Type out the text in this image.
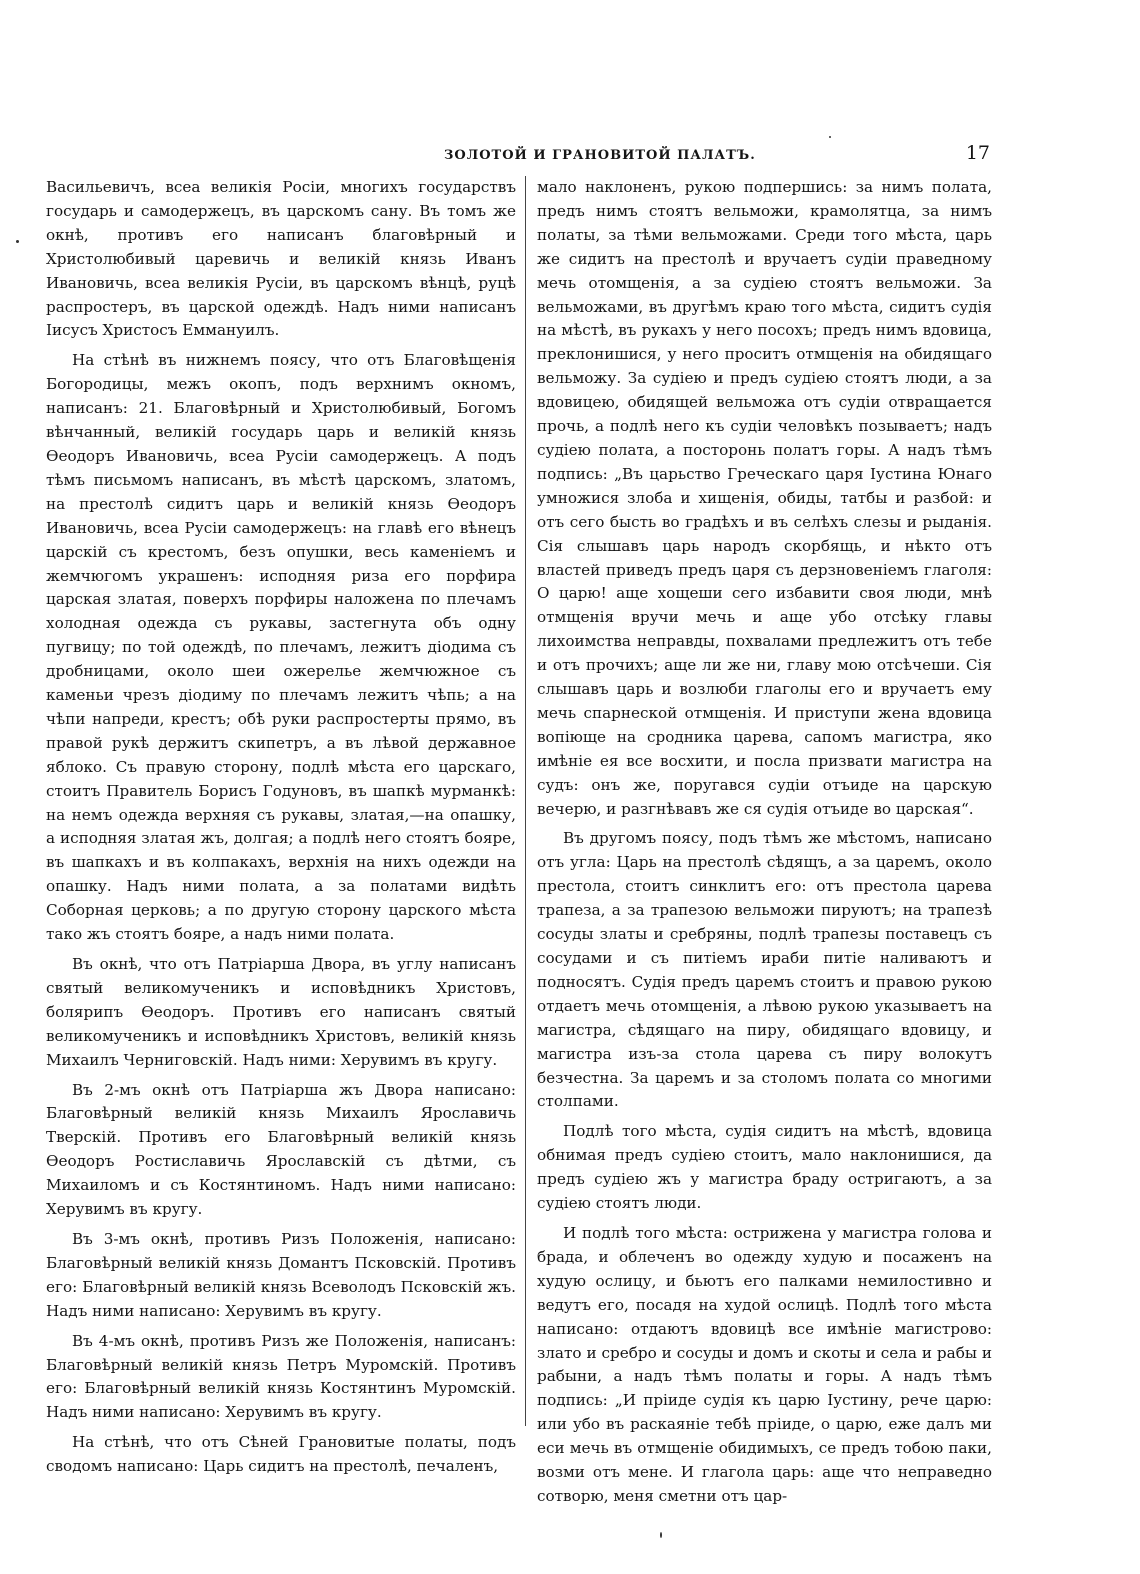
ЗОЛОТОЙ И ГРАНОВИТОЙ ПАЛАТЪ.	17

Васильевичъ, всеа великія Росіи, многихъ государствъ государь и самодержецъ, въ царскомъ сану. Въ томъ же окнѣ, противъ его написанъ благовѣрный и Христолюбивый царевичь и великій князь Иванъ Ивановичь, всеа великія Русіи, въ царскомъ вѣнцѣ, руцѣ распростеръ, въ царской одеждѣ. Надъ ними написанъ Іисусъ Христосъ Еммануилъ.

На стѣнѣ въ нижнемъ поясу, что отъ Благовѣщенія Богородицы, межъ окопъ, подъ верхнимъ окномъ, написанъ: 21. Благовѣрный и Христолюбивый, Богомъ вѣнчанный, великій государь царь и великій князь Ѳеодоръ Ивановичь, всеа Русіи самодержецъ. А подъ тѣмъ письмомъ написанъ, въ мѣстѣ царскомъ, златомъ, на престолѣ сидитъ царь и великій князь Ѳеодоръ Ивановичь, всеа Русіи самодержецъ: на главѣ его вѣнецъ царскій съ крестомъ, безъ опушки, весь каменіемъ и жемчюгомъ украшенъ: исподняя риза его порфира царская златая, поверхъ порфиры наложена по плечамъ холодная одежда съ рукавы, застегнута объ одну пугвицу; по той одеждѣ, по плечамъ, лежитъ діодима съ дробницами, около шеи ожерелье жемчюжное съ каменьи чрезъ діодиму по плечамъ лежитъ чѣпь; а на чѣпи напреди, крестъ; обѣ руки распростерты прямо, въ правой рукѣ держитъ скипетръ, а въ лѣвой державное яблоко. Съ правую сторону, подлѣ мѣста его царскаго, стоитъ Правитель Борисъ Годуновъ, въ шапкѣ мурманкѣ: на немъ одежда верхняя съ рукавы, златая,—на опашку, а исподняя златая жъ, долгая; а подлѣ него стоятъ бояре, въ шапкахъ и въ колпакахъ, верхнія на нихъ одежди на опашку. Надъ ними полата, а за полатами видѣть Соборная церковь; а по другую сторону царского мѣста тако жъ стоятъ бояре, а надъ ними полата.

Въ окнѣ, что отъ Патріарша Двора, въ углу написанъ святый великомученикъ и исповѣдникъ Христовъ, болярипъ Ѳеодоръ. Противъ его написанъ святый великомученикъ и исповѣдникъ Христовъ, великій князь Михаилъ Черниговскій. Надъ ними: Херувимъ въ кругу.

Въ 2-мъ окнѣ отъ Патріарша жъ Двора написано: Благовѣрный великій князь Михаилъ Ярославичь Тверскій. Противъ его Благовѣрный великій князь Ѳеодоръ Ростиславичь Ярославскій съ дѣтми, съ Михаиломъ и съ Костянтиномъ. Надъ ними написано: Херувимъ въ кругу.

Въ 3-мъ окнѣ, противъ Ризъ Положенія, написано: Благовѣрный великій князь Домантъ Псковскій. Противъ его: Благовѣрный великій князь Всеволодъ Псковскій жъ. Надъ ними написано: Херувимъ въ кругу.

Въ 4-мъ окнѣ, противъ Ризъ же Положенія, написанъ: Благовѣрный великій князь Петръ Муромскій. Противъ его: Благовѣрный великій князь Костянтинъ Муромскій. Надъ ними написано: Херувимъ въ кругу.

На стѣнѣ, что отъ Сѣней Грановитые полаты, подъ сводомъ написано: Царь сидитъ на престолѣ, печаленъ,

мало наклоненъ, рукою подпершись: за нимъ полата, предъ нимъ стоятъ вельможи, крамолятца, за нимъ полаты, за тѣми вельможами. Среди того мѣста, царь же сидитъ на престолѣ и вручаетъ судіи праведному мечь отомщенія, а за судіею стоятъ вельможи. За вельможами, въ другѣмъ краю того мѣста, сидитъ судія на мѣстѣ, въ рукахъ у него посохъ; предъ нимъ вдовица, преклонишися, у него проситъ отмщенія на обидящаго вельможу. За судіею и предъ судіею стоятъ люди, а за вдовицею, обидящей вельможа отъ судіи отвращается прочь, а подлѣ него къ судіи человѣкъ позываетъ; надъ судіею полата, а посторонь полатъ горы. А надъ тѣмъ подпись: „Въ царьство Греческаго царя Іустина Юнаго умножися злоба и хищенія, обиды, татбы и разбой: и отъ сего бысть во градѣхъ и въ селѣхъ слезы и рыданія. Сія слышавъ царь народъ скорбящь, и нѣкто отъ властей приведъ предъ царя съ дерзновеніемъ глаголя: О царю! аще хощеши сего избавити своя люди, мнѣ отмщенія вручи мечь и аще убо отсѣку главы лихоимства неправды, похвалами предлежитъ отъ тебе и отъ прочихъ; аще ли же ни, главу мою отсѣчеши. Сія слышавъ царь и возлюби глаголы его и вручаетъ ему мечь спарнеской отмщенія. И приступи жена вдовица вопіюще на сродника царева, сапомъ магистра, яко имѣніе ея все восхити, и посла призвати магистра на судъ: онъ же, поругався судіи отъиде на царскую вечерю, и разгнѣвавъ же ся судія отъиде во царская“.

Въ другомъ поясу, подъ тѣмъ же мѣстомъ, написано отъ угла: Царь на престолѣ сѣдящъ, а за царемъ, около престола, стоитъ синклитъ его: отъ престола царева трапеза, а за трапезою вельможи пируютъ; на трапезѣ сосуды златы и сребряны, подлѣ трапезы поставецъ съ сосудами и съ питіемъ ираби питіе наливаютъ и подносятъ. Судія предъ царемъ стоитъ и правою рукою отдаетъ мечь отомщенія, а лѣвою рукою указываетъ на магистра, сѣдящаго на пиру, обидящаго вдовицу, и магистра изъ-за стола царева съ пиру волокутъ безчестна. За царемъ и за столомъ полата со многими столпами.

Подлѣ того мѣста, судія сидитъ на мѣстѣ, вдовица обнимая предъ судіею стоитъ, мало наклонишися, да предъ судіею жъ у магистра браду остригаютъ, а за судіею стоятъ люди.

И подлѣ того мѣста: острижена у магистра голова и брада, и облеченъ во одежду худую и посаженъ на худую ослицу, и бьютъ его палками немилостивно и ведутъ его, посадя на худой ослицѣ. Подлѣ того мѣста написано: отдаютъ вдовицѣ все имѣніе магистрово: злато и сребро и сосуды и домъ и скоты и села и рабы и рабыни, а надъ тѣмъ полаты и горы. А надъ тѣмъ подпись: „И пріиде судія къ царю Іустину, рече царю: или убо въ раскаяніе тебѣ пріиде, о царю, еже далъ ми еси мечь въ отмщеніе обидимыхъ, се предъ тобою паки, возми отъ мене. И глагола царь: аще что неправедно сотворю, меня сметни отъ цар-
